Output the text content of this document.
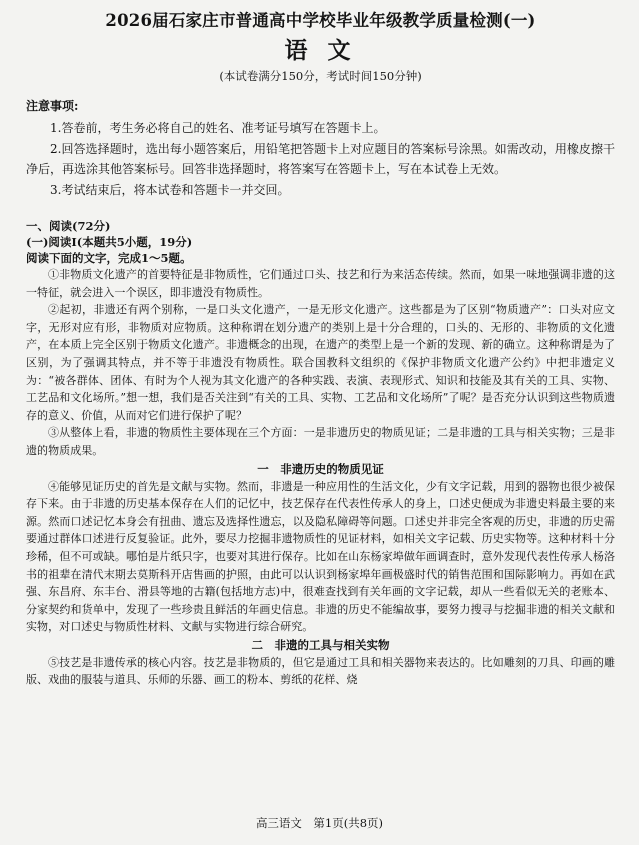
2026届石家庄市普通高中学校毕业年级教学质量检测(一)
语文
(本试卷满分150分，考试时间150分钟)
注意事项:

1.答卷前，考生务必将自己的姓名、准考证号填写在答题卡上。

2.回答选择题时，选出每小题答案后，用铅笔把答题卡上对应题目的答案标号涂黑。如需改动，用橡皮擦干净后，再选涂其他答案标号。回答非选择题时，将答案写在答题卡上，写在本试卷上无效。

3.考试结束后，将本试卷和答题卡一并交回。

一、阅读(72分)
(一)阅读Ⅰ(本题共5小题，19分)
阅读下面的文字，完成1～5题。

①非物质文化遗产的首要特征是非物质性，它们通过口头、技艺和行为来活态传续。然而，如果一味地强调非遗的这一特征，就会进入一个误区，即非遗没有物质性。

②起初，非遗还有两个别称，一是口头文化遗产，一是无形文化遗产。这些都是为了区别“物质遗产”：口头对应文字，无形对应有形，非物质对应物质。这种称谓在划分遗产的类别上是十分合理的，口头的、无形的、非物质的文化遗产，在本质上完全区别于物质文化遗产。非遗概念的出现，在遗产的类型上是一个新的发现、新的确立。这种称谓是为了区别，为了强调其特点，并不等于非遗没有物质性。联合国教科文组织的《保护非物质文化遗产公约》中把非遗定义为：“被各群体、团体、有时为个人视为其文化遗产的各种实践、表演、表现形式、知识和技能及其有关的工具、实物、工艺品和文化场所。”想一想，我们是否关注到“有关的工具、实物、工艺品和文化场所”了呢？是否充分认识到这些物质遗存的意义、价值，从而对它们进行保护了呢？

③从整体上看，非遗的物质性主要体现在三个方面：一是非遗历史的物质见证；二是非遗的工具与相关实物；三是非遗的物质成果。

一　非遗历史的物质见证

④能够见证历史的首先是文献与实物。然而，非遗是一种应用性的生活文化，少有文字记载，用到的器物也很少被保存下来。由于非遗的历史基本保存在人们的记忆中，技艺保存在代表性传承人的身上，口述史便成为非遗史料最主要的来源。然而口述记忆本身会有扭曲、遗忘及选择性遗忘，以及隐私障碍等问题。口述史并非完全客观的历史，非遗的历史需要通过群体口述进行反复验证。此外，要尽力挖掘非遗物质性的见证材料，如相关文字记载、历史实物等。这种材料十分珍稀，但不可或缺。哪怕是片纸只字，也要对其进行保存。比如在山东杨家埠做年画调查时，意外发现代表性传承人杨洛书的祖辈在清代末期去莫斯科开店售画的护照，由此可以认识到杨家埠年画极盛时代的销售范围和国际影响力。再如在武强、东昌府、东丰台、滑县等地的古籍(包括地方志)中，很难查找到有关年画的文字记载，却从一些看似无关的老账本、分家契约和货单中，发现了一些珍贵且鲜活的年画史信息。非遗的历史不能编故事，要努力搜寻与挖掘非遗的相关文献和实物，对口述史与物质性材料、文献与实物进行综合研究。

二　非遗的工具与相关实物

⑤技艺是非遗传承的核心内容。技艺是非物质的，但它是通过工具和相关器物来表达的。比如雕刻的刀具、印画的雕版、戏曲的服装与道具、乐师的乐器、画工的粉本、剪纸的花样、烧

高三语文　第1页(共8页)
